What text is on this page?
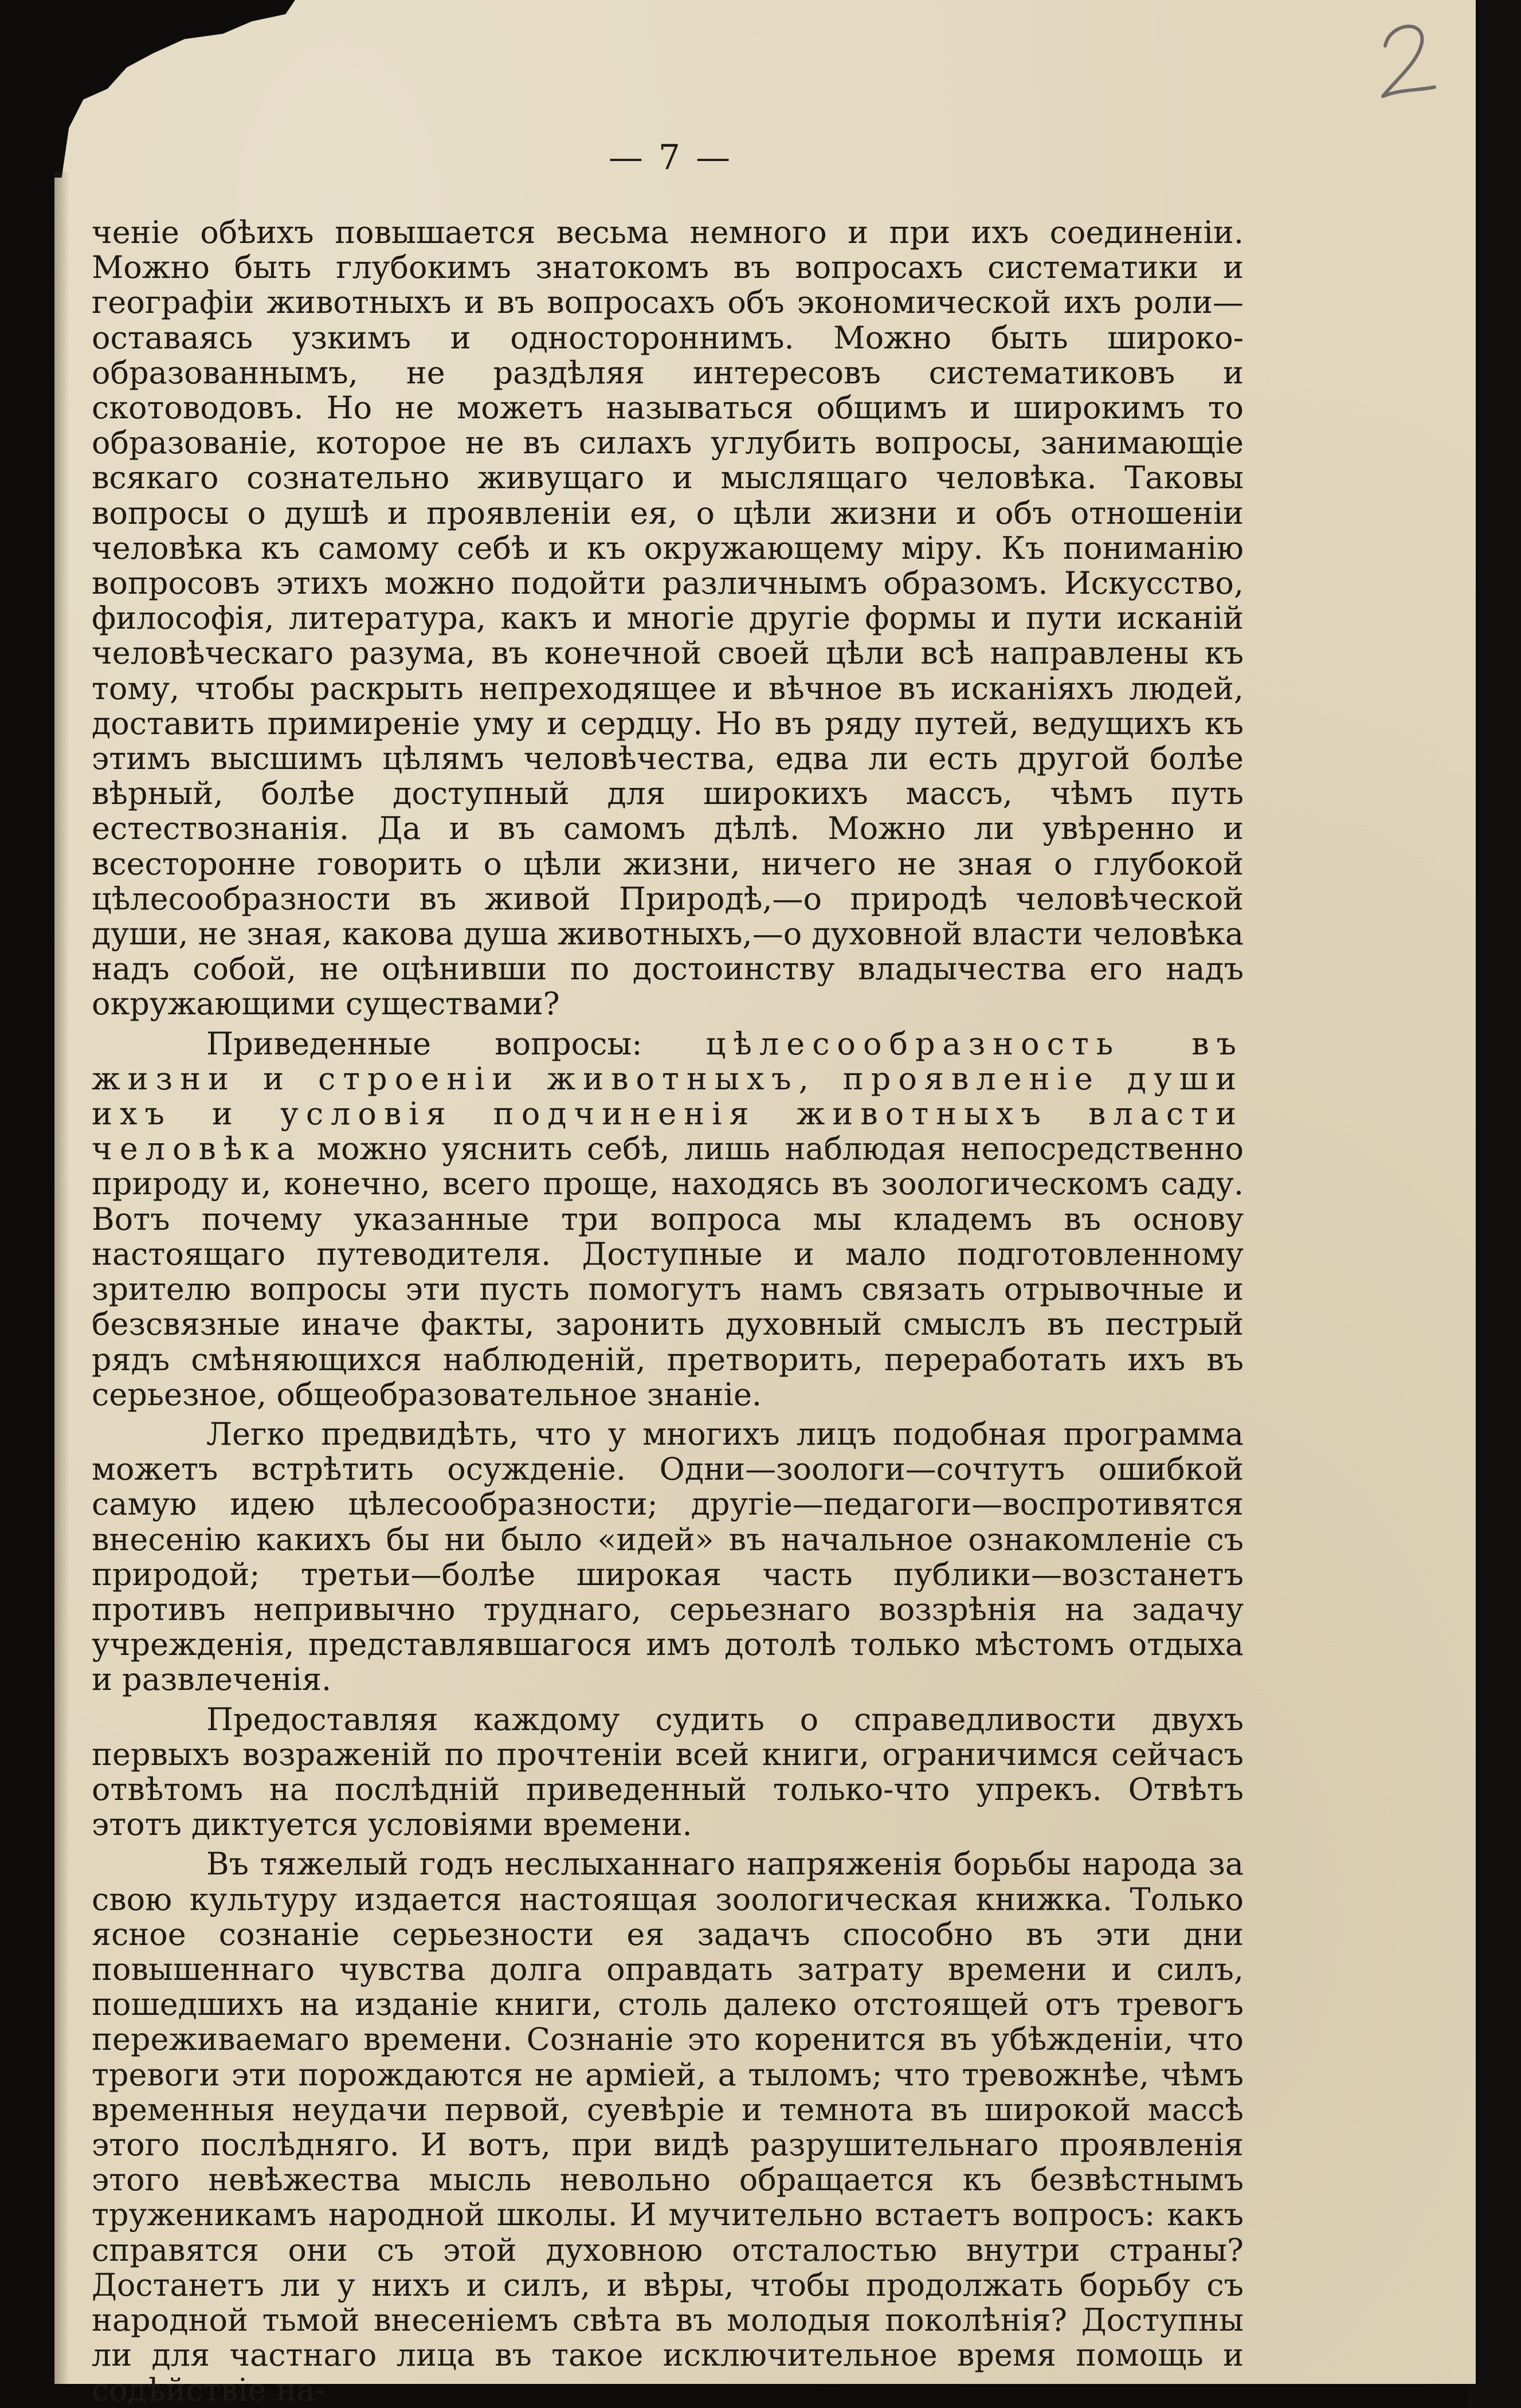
— 7 —

ченіе обѣихъ повышается весьма немного и при ихъ соединеніи. Можно быть глубокимъ знатокомъ въ вопросахъ систематики и географіи животныхъ и въ вопросахъ объ экономической ихъ роли—оставаясь узкимъ и одностороннимъ. Можно быть широко-образованнымъ, не раздѣляя интересовъ систематиковъ и скотоводовъ. Но не можетъ называться общимъ и широкимъ то образованіе, которое не въ силахъ углубить вопросы, занимающіе всякаго сознательно живущаго и мыслящаго человѣка. Таковы вопросы о душѣ и проявленіи ея, о цѣли жизни и объ отношеніи человѣка къ самому себѣ и къ окружающему міру. Къ пониманію вопросовъ этихъ можно подойти различнымъ образомъ. Искусство, философія, литература, какъ и многіе другіе формы и пути исканій человѣческаго разума, въ конечной своей цѣли всѣ направлены къ тому, чтобы раскрыть непреходящее и вѣчное въ исканіяхъ людей, доставить примиреніе уму и сердцу. Но въ ряду путей, ведущихъ къ этимъ высшимъ цѣлямъ человѣчества, едва ли есть другой болѣе вѣрный, болѣе доступный для широкихъ массъ, чѣмъ путь естествознанія. Да и въ самомъ дѣлѣ. Можно ли увѣренно и всесторонне говорить о цѣли жизни, ничего не зная о глубокой цѣлесообразности въ живой Природѣ,—о природѣ человѣческой души, не зная, какова душа животныхъ,—о духовной власти человѣка надъ собой, не оцѣнивши по достоинству владычества его надъ окружающими существами?

Приведенные вопросы: цѣлесообразность въ жизни и строеніи животныхъ, проявленіе души ихъ и условія подчиненія животныхъ власти человѣка можно уяснить себѣ, лишь наблюдая непосредственно природу и, конечно, всего проще, находясь въ зоологическомъ саду. Вотъ почему указанные три вопроса мы кладемъ въ основу настоящаго путеводителя. Доступные и мало подготовленному зрителю вопросы эти пусть помогутъ намъ связать отрывочные и безсвязные иначе факты, заронить духовный смыслъ въ пестрый рядъ смѣняющихся наблюденій, претворить, переработать ихъ въ серьезное, общеобразовательное знаніе.

Легко предвидѣть, что у многихъ лицъ подобная программа можетъ встрѣтить осужденіе. Одни—зоологи—сочтутъ ошибкой самую идею цѣлесообразности; другіе—педагоги—воспротивятся внесенію какихъ бы ни было «идей» въ начальное ознакомленіе съ природой; третьи—болѣе широкая часть публики—возстанетъ противъ непривычно труднаго, серьезнаго воззрѣнія на задачу учрежденія, представлявшагося имъ дотолѣ только мѣстомъ отдыха и развлеченія.

Предоставляя каждому судить о справедливости двухъ первыхъ возраженій по прочтеніи всей книги, ограничимся сейчасъ отвѣтомъ на послѣдній приведенный только-что упрекъ. Отвѣтъ этотъ диктуется условіями времени.

Въ тяжелый годъ неслыханнаго напряженія борьбы народа за свою культуру издается настоящая зоологическая книжка. Только ясное сознаніе серьезности ея задачъ способно въ эти дни повышеннаго чувства долга оправдать затрату времени и силъ, пошедшихъ на изданіе книги, столь далеко отстоящей отъ тревогъ переживаемаго времени. Сознаніе это коренится въ убѣжденіи, что тревоги эти порождаются не арміей, а тыломъ; что тревожнѣе, чѣмъ временныя неудачи первой, суевѣріе и темнота въ широкой массѣ этого послѣдняго. И вотъ, при видѣ разрушительнаго проявленія этого невѣжества мысль невольно обращается къ безвѣстнымъ труженикамъ народной школы. И мучительно встаетъ вопросъ: какъ справятся они съ этой духовною отсталостью внутри страны? Достанетъ ли у нихъ и силъ, и вѣры, чтобы продолжать борьбу съ народной тьмой внесеніемъ свѣта въ молодыя поколѣнія? Доступны ли для частнаго лица въ такое исключительное время помощь и содѣйствіе на-
